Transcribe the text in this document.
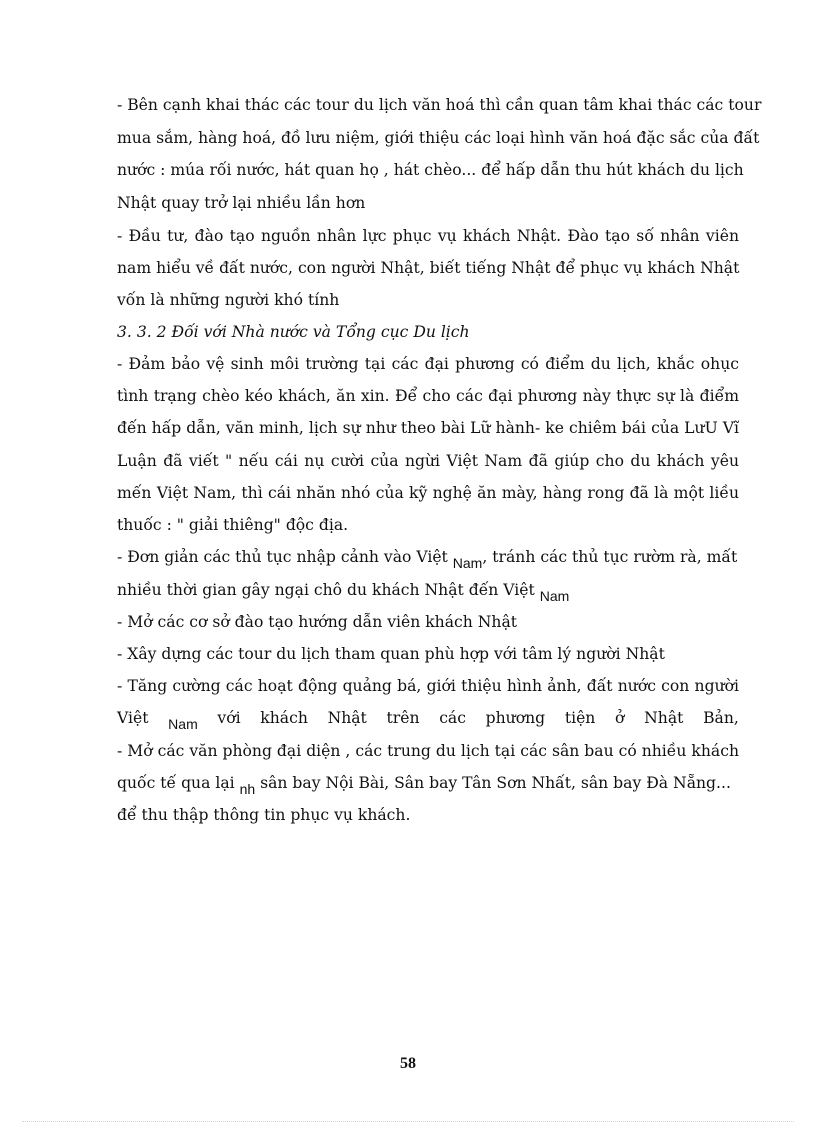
- Bên cạnh khai thác các tour du lịch văn hoá thì cần quan tâm khai thác các tour

mua sắm, hàng hoá, đồ lưu niệm, giới thiệu các loại hình văn hoá đặc sắc của đất

nước : múa rối nước, hát quan họ , hát chèo... để hấp dẫn thu hút khách du lịch

Nhật quay trở lại nhiều lần hơn

- Đầu tư, đào tạo nguồn nhân lực phục vụ khách Nhật. Đào tạo số nhân viên

nam hiểu về đất nước, con người Nhật, biết tiếng Nhật để phục vụ khách Nhật

vốn là những người khó tính

3. 3. 2 Đối với Nhà nước và Tổng cục Du lịch

- Đảm bảo vệ sinh môi trường tại các đại phương có điểm du lịch, khắc ohục

tình trạng chèo kéo khách, ăn xin. Để cho các đại phương này thực sự là điểm

đến hấp dẫn, văn minh, lịch sự như theo bài Lữ hành- ke chiêm bái của LưU Vĩ

Luận đã viết " nếu cái nụ cười của ngừi Việt Nam đã giúp cho du khách yêu

mến Việt Nam, thì cái nhăn nhó của kỹ nghệ ăn mày, hàng rong đã là một liều

thuốc : " giải thiêng" độc địa.

- Đơn giản các thủ tục nhập cảnh vào Việt Nam, tránh các thủ tục rườm rà, mất

nhiều thời gian gây ngại chô du khách Nhật đến Việt Nam

- Mở các cơ sở đào tạo hướng dẫn viên khách Nhật

- Xây dựng các tour du lịch tham quan phù hợp với tâm lý người Nhật

- Tăng cường các hoạt động quảng bá, giới thiệu hình ảnh, đất nước con người

Việt Nam với khách Nhật trên các phương tiện ở Nhật Bản,

- Mở các văn phòng đại diện , các trung du lịch tại các sân bau có nhiều khách

quốc tế qua lại nh sân bay Nội Bài, Sân bay Tân Sơn Nhất, sân bay Đà Nẵng...

để thu thập thông tin phục vụ khách.

58
